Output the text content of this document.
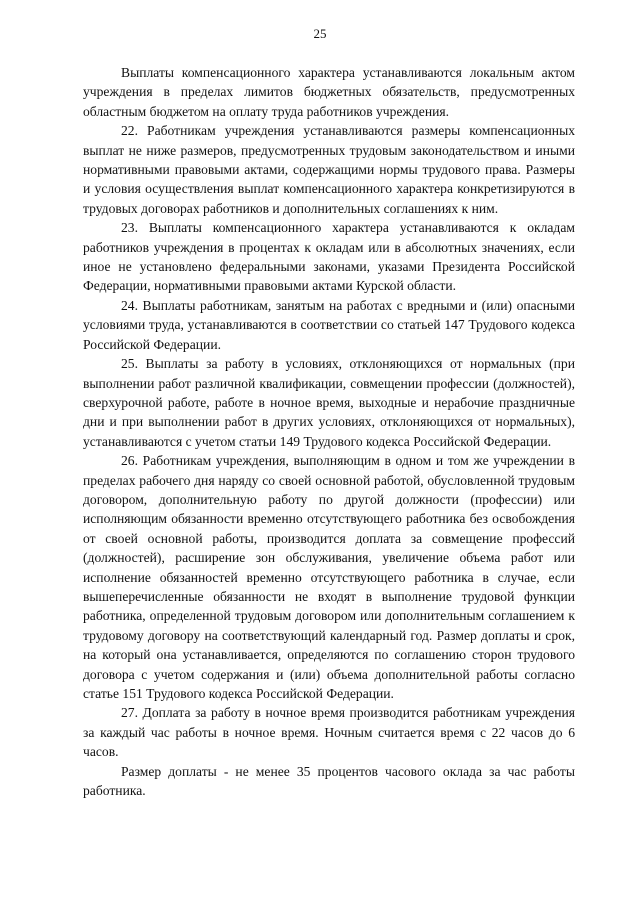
25

Выплаты компенсационного характера устанавливаются локальным актом учреждения в пределах лимитов бюджетных обязательств, предусмотренных областным бюджетом на оплату труда работников учреждения.

22. Работникам учреждения устанавливаются размеры компенсационных выплат не ниже размеров, предусмотренных трудовым законодательством и иными нормативными правовыми актами, содержащими нормы трудового права. Размеры и условия осуществления выплат компенсационного характера конкретизируются в трудовых договорах работников и дополнительных соглашениях к ним.

23. Выплаты компенсационного характера устанавливаются к окладам работников учреждения в процентах к окладам или в абсолютных значениях, если иное не установлено федеральными законами, указами Президента Российской Федерации, нормативными правовыми актами Курской области.

24. Выплаты работникам, занятым на работах с вредными и (или) опасными условиями труда, устанавливаются в соответствии со статьей 147 Трудового кодекса Российской Федерации.

25. Выплаты за работу в условиях, отклоняющихся от нормальных (при выполнении работ различной квалификации, совмещении профессии (должностей), сверхурочной работе, работе в ночное время, выходные и нерабочие праздничные дни и при выполнении работ в других условиях, отклоняющихся от нормальных), устанавливаются с учетом статьи 149 Трудового кодекса Российской Федерации.

26. Работникам учреждения, выполняющим в одном и том же учреждении в пределах рабочего дня наряду со своей основной работой, обусловленной трудовым договором, дополнительную работу по другой должности (профессии) или исполняющим обязанности временно отсутствующего работника без освобождения от своей основной работы, производится доплата за совмещение профессий (должностей), расширение зон обслуживания, увеличение объема работ или исполнение обязанностей временно отсутствующего работника в случае, если вышеперечисленные обязанности не входят в выполнение трудовой функции работника, определенной трудовым договором или дополнительным соглашением к трудовому договору на соответствующий календарный год. Размер доплаты и срок, на который она устанавливается, определяются по соглашению сторон трудового договора с учетом содержания и (или) объема дополнительной работы согласно статье 151 Трудового кодекса Российской Федерации.

27. Доплата за работу в ночное время производится работникам учреждения за каждый час работы в ночное время. Ночным считается время с 22 часов до 6 часов.

Размер доплаты - не менее 35 процентов часового оклада за час работы работника.
